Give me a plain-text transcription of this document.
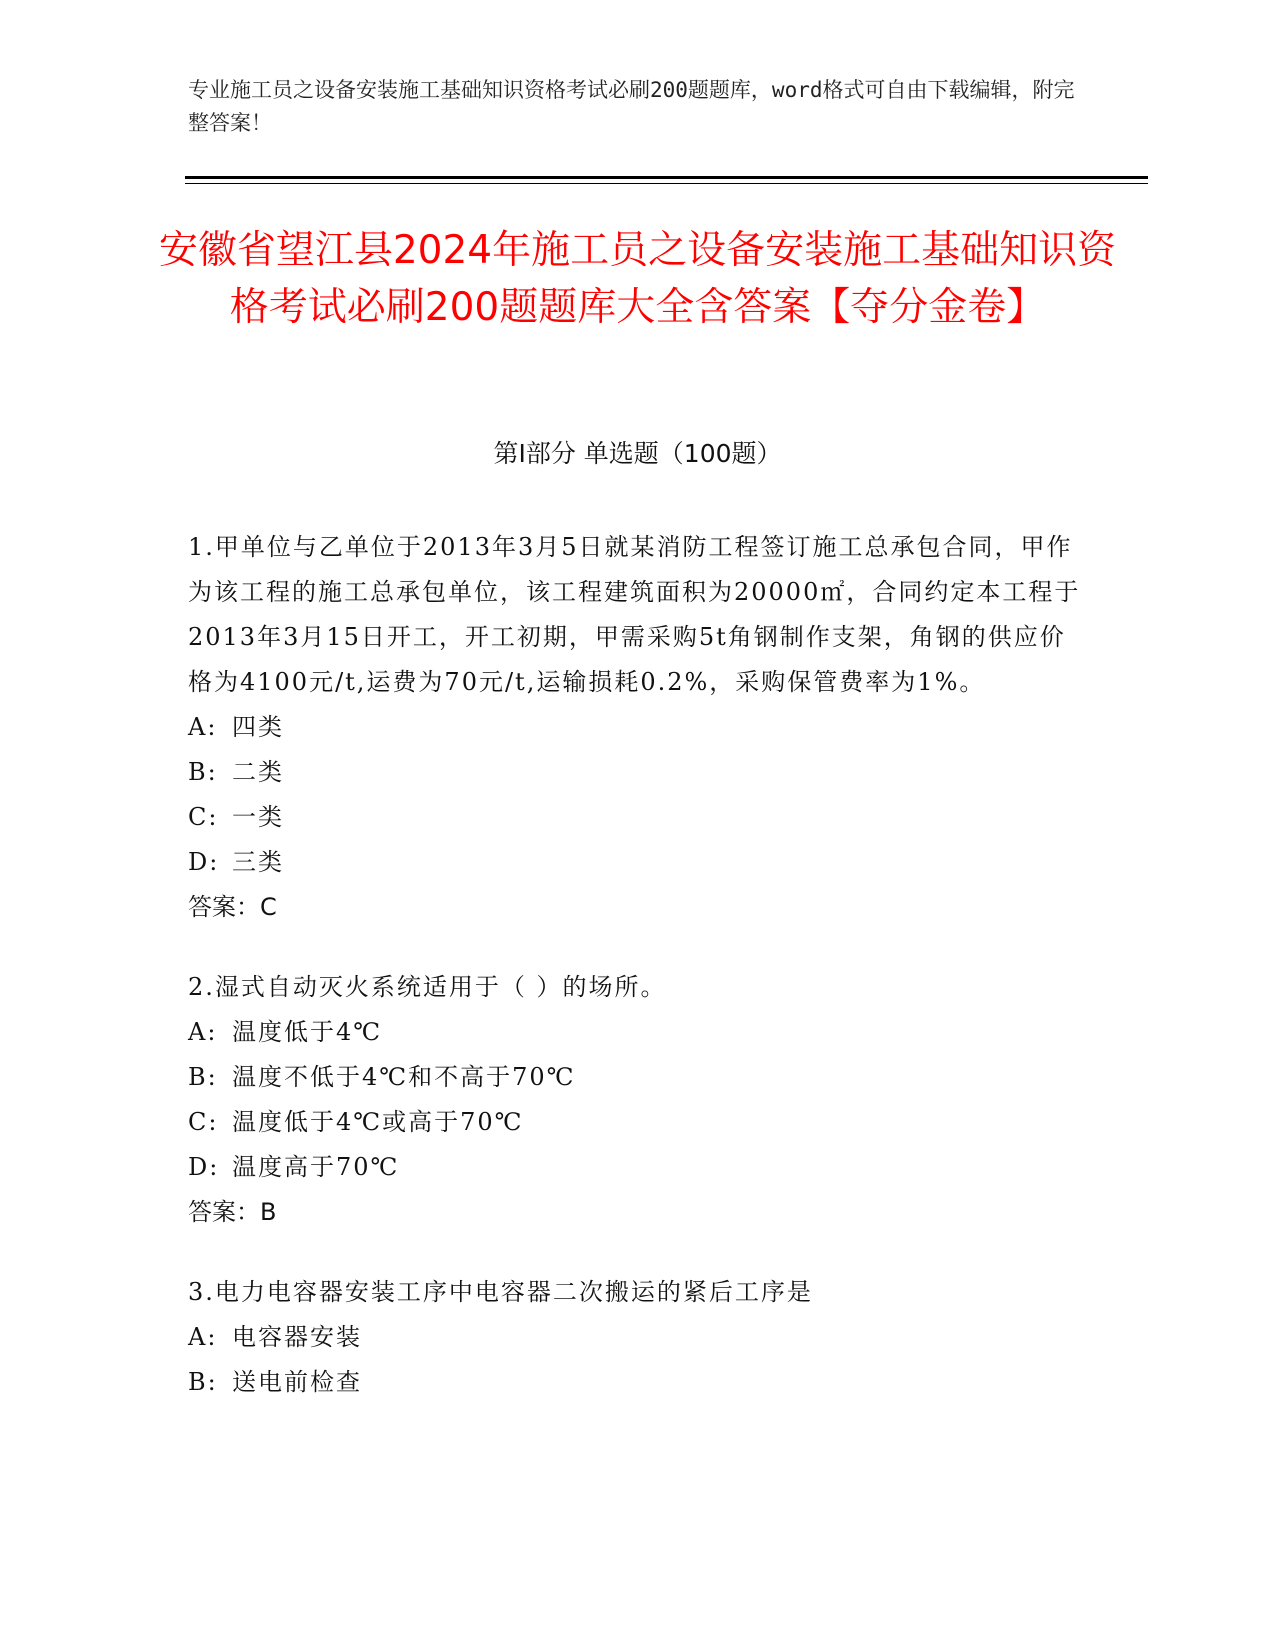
专业施工员之设备安装施工基础知识资格考试必刷200题题库，word格式可自由下载编辑，附完整答案！
安徽省望江县2024年施工员之设备安装施工基础知识资格考试必刷200题题库大全含答案【夺分金卷】
第I部分 单选题（100题）

1.甲单位与乙单位于2013年3月5日就某消防工程签订施工总承包合同，甲作为该工程的施工总承包单位，该工程建筑面积为20000㎡，合同约定本工程于2013年3月15日开工，开工初期，甲需采购5t角钢制作支架，角钢的供应价格为4100元/t,运费为70元/t,运输损耗0.2%，采购保管费率为1%。

A: 四类

B: 二类

C: 一类

D: 三类

答案：C

2.湿式自动灭火系统适用于（ ）的场所。

A: 温度低于4℃

B: 温度不低于4℃和不高于70℃

C: 温度低于4℃或高于70℃

D: 温度高于70℃

答案：B

3.电力电容器安装工序中电容器二次搬运的紧后工序是

A: 电容器安装

B: 送电前检查
